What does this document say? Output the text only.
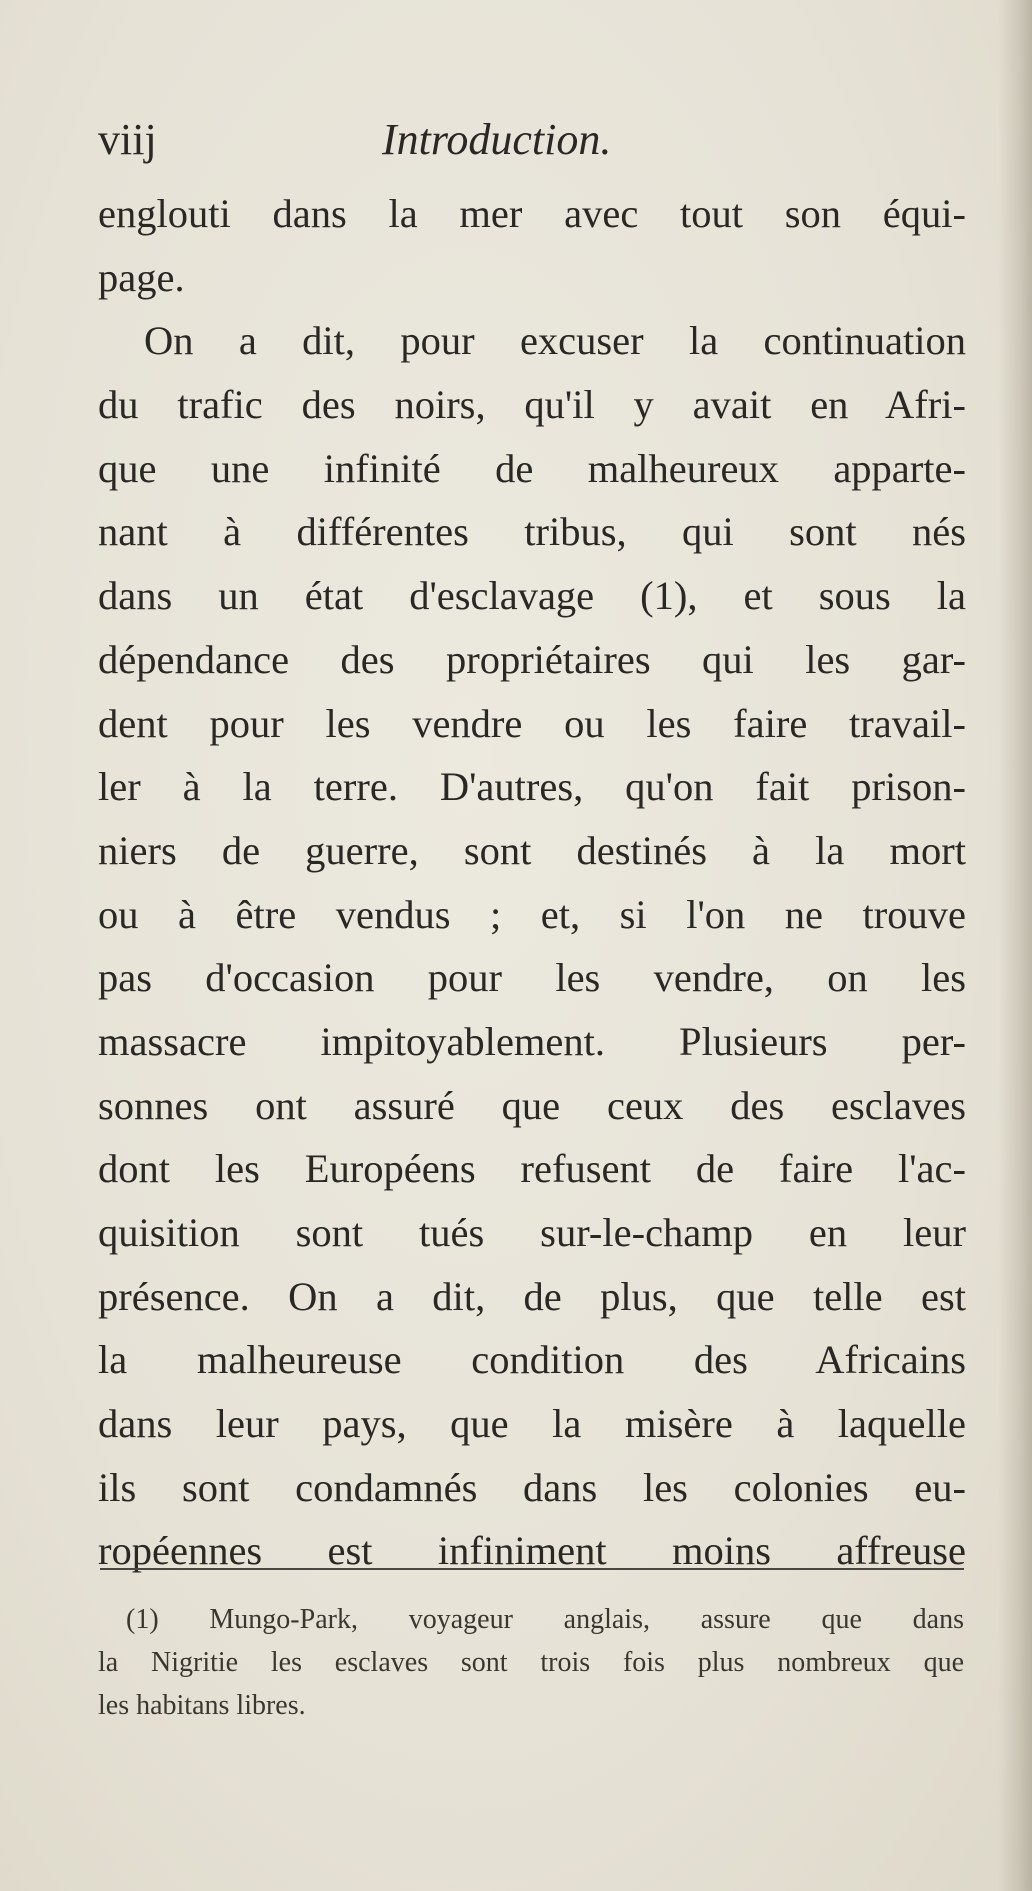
viij	Introduction.
englouti dans la mer avec tout son équi-
page.
On a dit, pour excuser la continuation
du trafic des noirs, qu'il y avait en Afri-
que une infinité de malheureux apparte-
nant à différentes tribus, qui sont nés
dans un état d'esclavage (1), et sous la
dépendance des propriétaires qui les gar-
dent pour les vendre ou les faire travail-
ler à la terre. D'autres, qu'on fait prison-
niers de guerre, sont destinés à la mort
ou à être vendus ; et, si l'on ne trouve
pas d'occasion pour les vendre, on les
massacre impitoyablement. Plusieurs per-
sonnes ont assuré que ceux des esclaves
dont les Européens refusent de faire l'ac-
quisition sont tués sur-le-champ en leur
présence. On a dit, de plus, que telle est
la malheureuse condition des Africains
dans leur pays, que la misère à laquelle
ils sont condamnés dans les colonies eu-
ropéennes est infiniment moins affreuse
(1) Mungo-Park, voyageur anglais, assure que dans
la Nigritie les esclaves sont trois fois plus nombreux que
les habitans libres.
